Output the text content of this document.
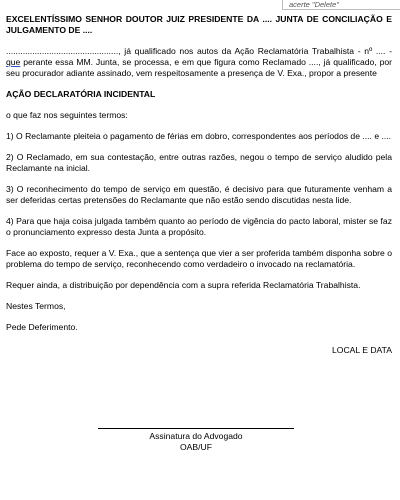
acerte "Delete"

EXCELENTÍSSIMO SENHOR DOUTOR JUIZ PRESIDENTE DA .... JUNTA DE CONCILIAÇÃO E JULGAMENTO DE ....

..............................................., já qualificado nos autos da Ação Reclamatória Trabalhista - nº .... - que perante essa MM. Junta, se processa, e em que figura como Reclamado ...., já qualificado, por seu procurador adiante assinado, vem respeitosamente a presença de V. Exa., propor a presente

AÇÃO DECLARATÓRIA INCIDENTAL

o que faz nos seguintes termos:

1) O Reclamante pleiteia o pagamento de férias em dobro, correspondentes aos períodos de .... e ....

2) O Reclamado, em sua contestação, entre outras razões, negou o tempo de serviço aludido pela Reclamante na inicial.

3) O reconhecimento do tempo de serviço em questão, é decisivo para que futuramente venham a ser deferidas certas pretensões do Reclamante que não estão sendo discutidas nesta lide.

4) Para que haja coisa julgada também quanto ao período de vigência do pacto laboral, mister se faz o pronunciamento expresso desta Junta a propósito.

Face ao exposto, requer a V. Exa., que a sentença que vier a ser proferida também disponha sobre o problema do tempo de serviço, reconhecendo como verdadeiro o invocado na reclamatória.

Requer ainda, a distribuição por dependência com a supra referida Reclamatória Trabalhista.

Nestes Termos,

Pede Deferimento.

LOCAL E DATA

Assinatura do Advogado
OAB/UF
